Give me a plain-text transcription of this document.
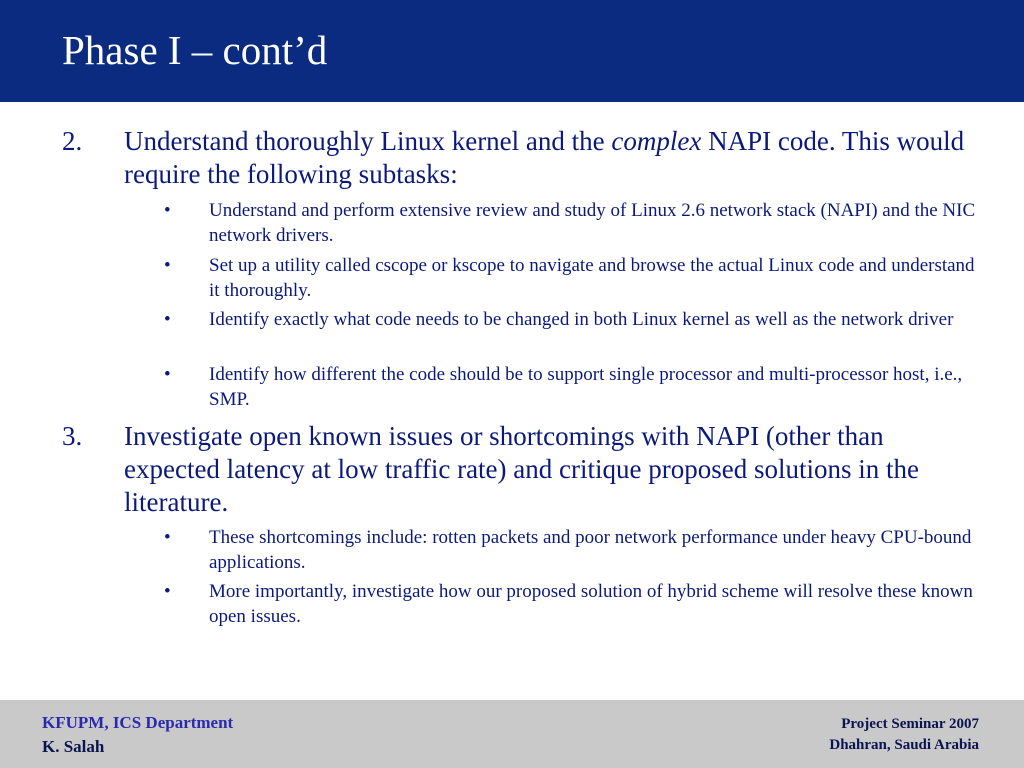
Phase I – cont’d
2. Understand thoroughly Linux kernel and the complex NAPI code. This would require the following subtasks:
• Understand and perform extensive review and study of Linux 2.6 network stack (NAPI) and the NIC network drivers.
• Set up a utility called cscope or kscope to navigate and browse the actual Linux code and understand it thoroughly.
• Identify exactly what code needs to be changed in both Linux kernel as well as the network driver
• Identify how different the code should be to support single processor and multi-processor host, i.e., SMP.
3. Investigate open known issues or shortcomings with NAPI (other than expected latency at low traffic rate) and critique proposed solutions in the literature.
• These shortcomings include: rotten packets and poor network performance under heavy CPU-bound applications.
• More importantly, investigate how our proposed solution of hybrid scheme will resolve these known open issues.
KFUPM, ICS Department
K. Salah
Project Seminar 2007
Dhahran, Saudi Arabia
